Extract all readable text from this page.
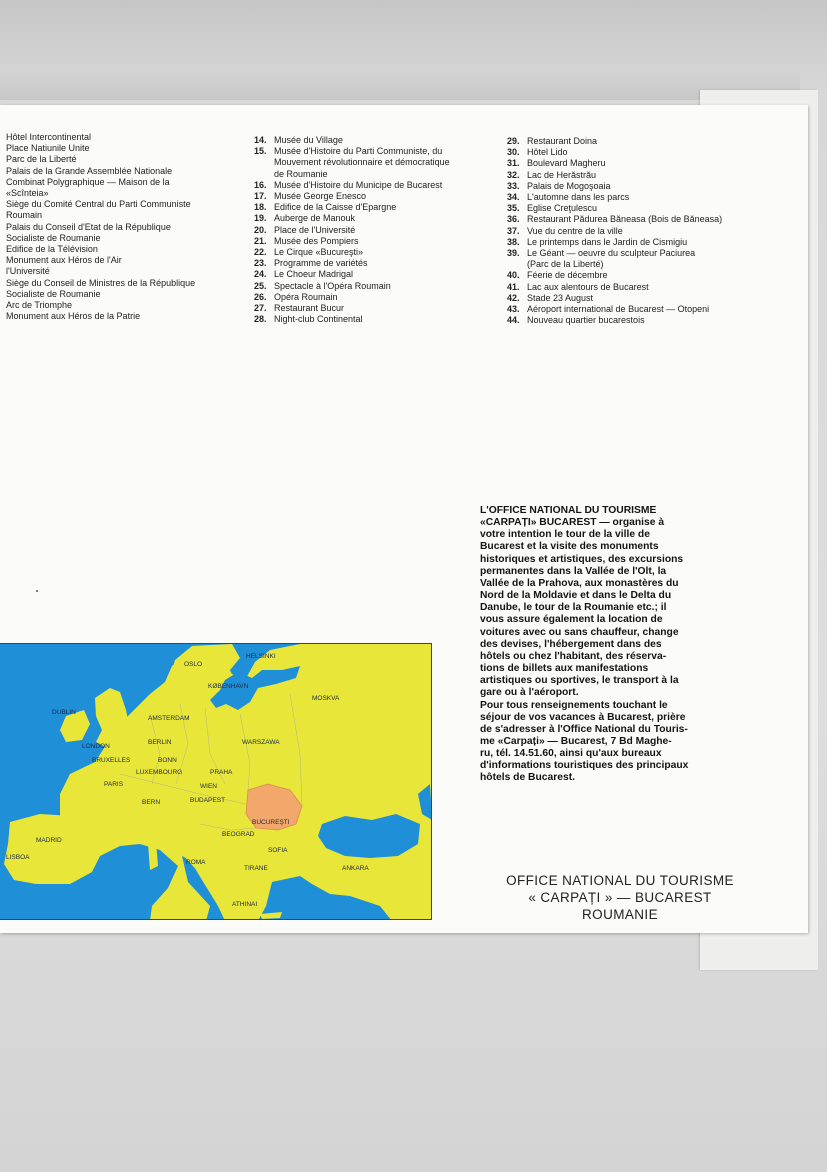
Hôtel Intercontinental
Place Natiunile Unite
Parc de la Liberté
Palais de la Grande Assemblée Nationale
Combinat Polygraphique — Maison de la
«Scînteia»
Siège du Comité Central du Parti Communiste
Roumain
Palais du Conseil d'Etat de la République
Socialiste de Roumanie
Edifice de la Télévision
Monument aux Héros de l'Air
l'Université
Siège du Conseil de Ministres de la République
Socialiste de Roumanie
Arc de Triomphe
Monument aux Héros de la Patrie
14. Musée du Village
15. Musée d'Histoire du Parti Communiste, du
Mouvement révolutionnaire et démocratique
de Roumanie
16. Musée d'Histoire du Municipe de Bucarest
17. Musée George Enesco
18. Edifice de la Caisse d'Epargne
19. Auberge de Manouk
20. Place de l'Université
21. Musée des Pompiers
22. Le Cirque «Bucureşti»
23. Programme de variétés
24. Le Choeur Madrigal
25. Spectacle à l'Opéra Roumain
26. Opéra Roumain
27. Restaurant Bucur
28. Night-club Continental
29. Restaurant Doina
30. Hôtel Lido
31. Boulevard Magheru
32. Lac de Herăstrău
33. Palais de Mogoşoaia
34. L'automne dans les parcs
35. Eglise Creţulescu
36. Restaurant Pădurea Băneasa (Bois de Băneasa)
37. Vue du centre de la ville
38. Le printemps dans le Jardin de Cismigiu
39. Le Géant — oeuvre du sculpteur Paciurea
(Parc de la Liberté)
40. Féerie de décembre
41. Lac aux alentours de Bucarest
42. Stade 23 August
43. Aéroport international de Bucarest — Otopeni
44. Nouveau quartier bucarestois
L'OFFICE NATIONAL DU TOURISME
«CARPAȚI» BUCAREST — organise à
votre intention le tour de la ville de
Bucarest et la visite des monuments
historiques et artistiques, des excursions
permanentes dans la Vallée de l'Olt, la
Vallée de la Prahova, aux monastères du
Nord de la Moldavie et dans le Delta du
Danube, le tour de la Roumanie etc.; il
vous assure également la location de
voitures avec ou sans chauffeur, change
des devises, l'hébergement dans des
hôtels ou chez l'habitant, des réserva-
tions de billets aux manifestations
artistiques ou sportives, le transport à la
gare ou à l'aéroport.
Pour tous renseignements touchant le
séjour de vos vacances à Bucarest, prière
de s'adresser à l'Office National du Touris-
me «Carpați» — Bucarest, 7 Bd Maghe-
ru, tél. 14.51.60, ainsi qu'aux bureaux
d'informations touristiques des principaux
hôtels de Bucarest.
OFFICE NATIONAL DU TOURISME
« CARPAȚI » — BUCAREST
ROUMANIE
OSLO
HELSINKI
KØBENHAVN
MOSKVA
DUBLIN
LONDON
AMSTERDAM
BERLIN	WARSZAWA
BRUXELLES	BONN
PARIS
LUXEMBOURG	PRAHA
BERN
WIEN
BUDAPEST
BUCUREŞTI
BEOGRAD
MADRID
LISBOA
ROMA
SOFIA
TIRANE	ANKARA
ATHINAI
